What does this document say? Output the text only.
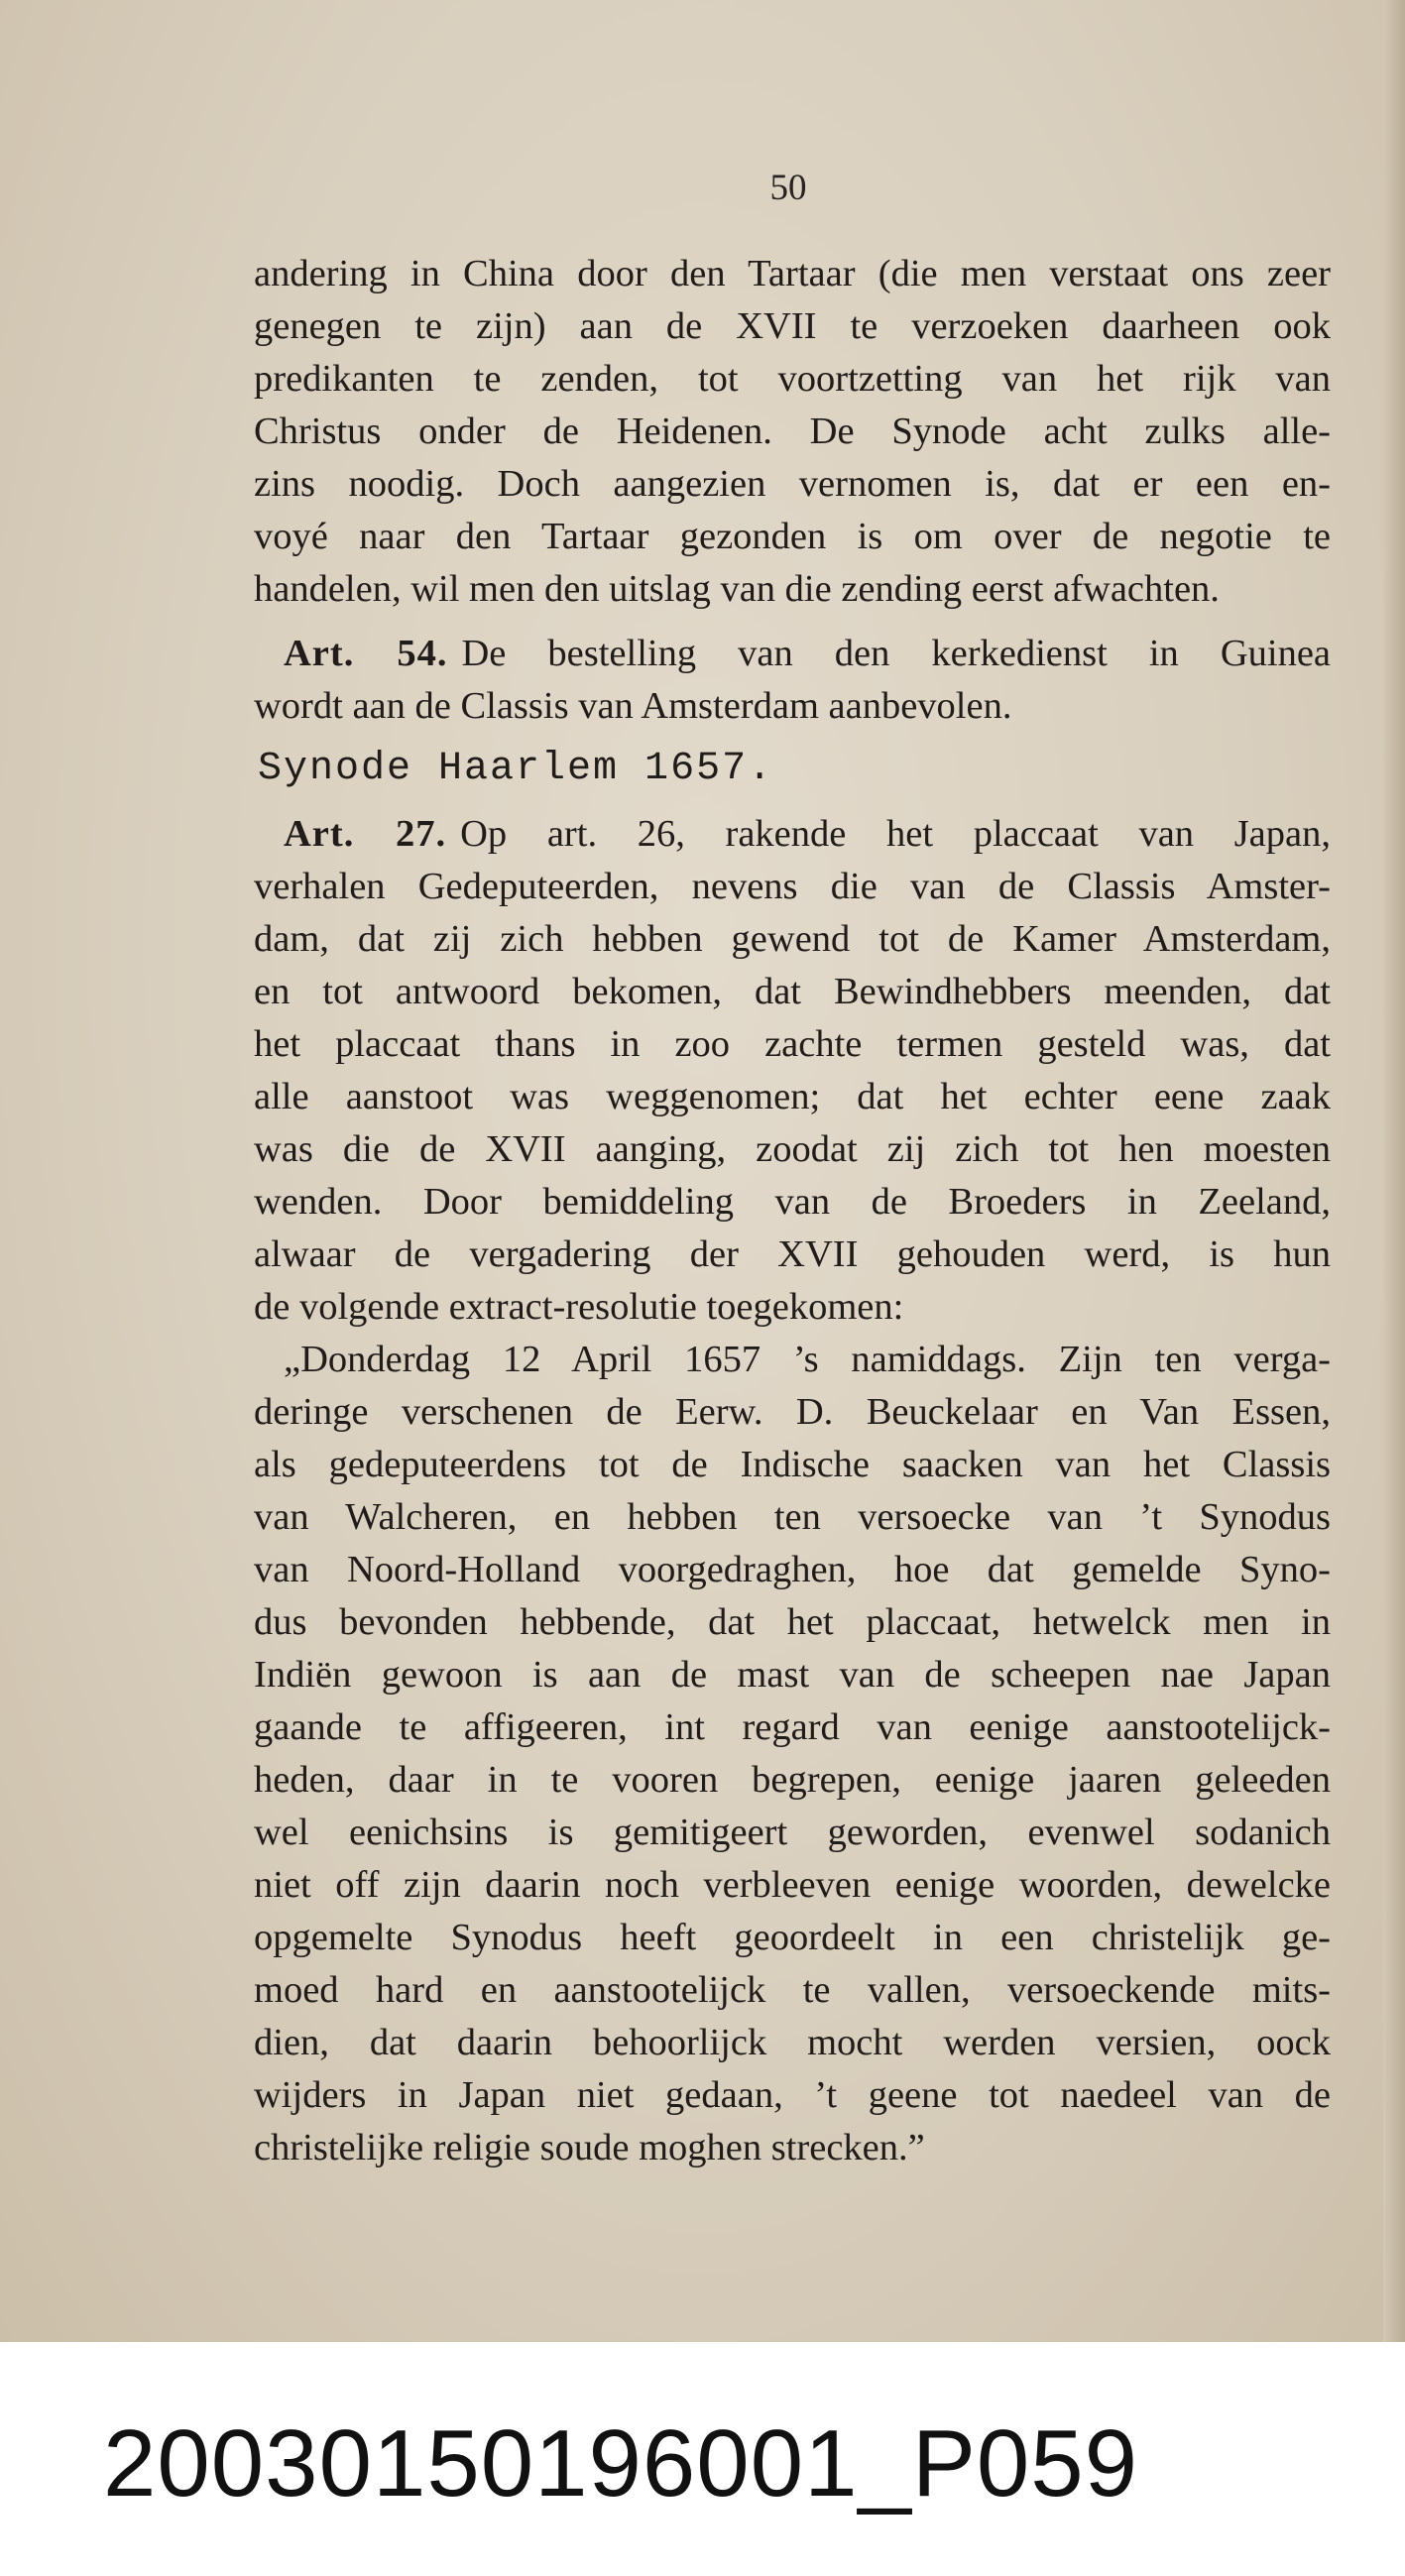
50
andering in China door den Tartaar (die men verstaat ons zeer
genegen te zijn) aan de XVII te verzoeken daarheen ook
predikanten te zenden, tot voortzetting van het rijk van
Christus onder de Heidenen. De Synode acht zulks alle-
zins noodig. Doch aangezien vernomen is, dat er een en-
voyé naar den Tartaar gezonden is om over de negotie te
handelen, wil men den uitslag van die zending eerst afwachten.
Art. 54. De bestelling van den kerkedienst in Guinea
wordt aan de Classis van Amsterdam aanbevolen.
Synode Haarlem 1657.
Art. 27. Op art. 26, rakende het placcaat van Japan,
verhalen Gedeputeerden, nevens die van de Classis Amster-
dam, dat zij zich hebben gewend tot de Kamer Amsterdam,
en tot antwoord bekomen, dat Bewindhebbers meenden, dat
het placcaat thans in zoo zachte termen gesteld was, dat
alle aanstoot was weggenomen; dat het echter eene zaak
was die de XVII aanging, zoodat zij zich tot hen moesten
wenden. Door bemiddeling van de Broeders in Zeeland,
alwaar de vergadering der XVII gehouden werd, is hun
de volgende extract-resolutie toegekomen:
„Donderdag 12 April 1657 ’s namiddags. Zijn ten verga-
deringe verschenen de Eerw. D. Beuckelaar en Van Essen,
als gedeputeerdens tot de Indische saacken van het Classis
van Walcheren, en hebben ten versoecke van ’t Synodus
van Noord-Holland voorgedraghen, hoe dat gemelde Syno-
dus bevonden hebbende, dat het placcaat, hetwelck men in
Indiën gewoon is aan de mast van de scheepen nae Japan
gaande te affigeeren, int regard van eenige aanstootelijck-
heden, daar in te vooren begrepen, eenige jaaren geleeden
wel eenichsins is gemitigeert geworden, evenwel sodanich
niet off zijn daarin noch verbleeven eenige woorden, dewelcke
opgemelte Synodus heeft geoordeelt in een christelijk ge-
moed hard en aanstootelijck te vallen, versoeckende mits-
dien, dat daarin behoorlijck mocht werden versien, oock
wijders in Japan niet gedaan, ’t geene tot naedeel van de
christelijke religie soude moghen strecken.”
20030150196001_P059
